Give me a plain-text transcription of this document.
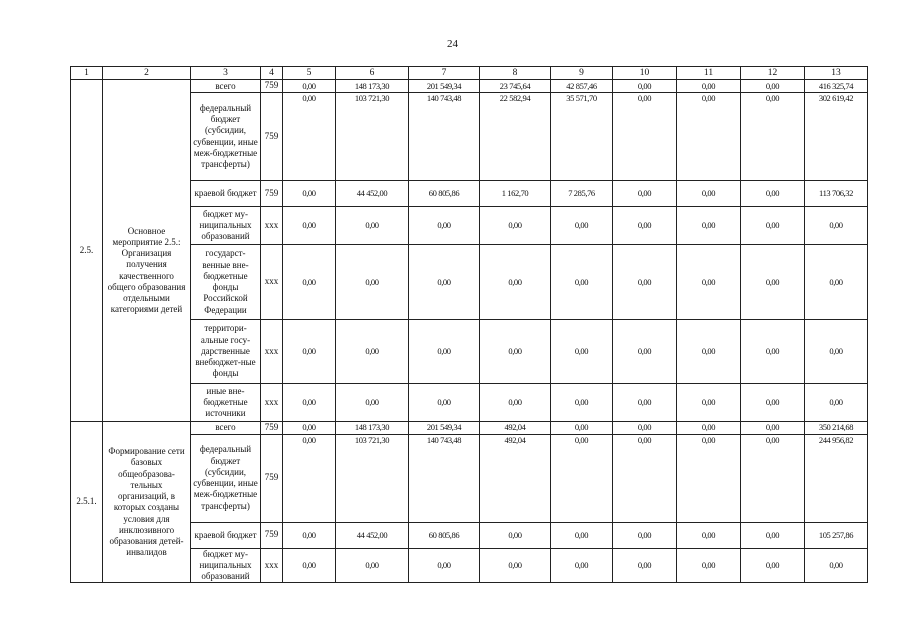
24
1	2	3	4	5	6	7	8	9	10	11	12	13
2.5.	Основное мероприятие 2.5.: Организация получения качественного общего образования отдельными категориями детей	всего	759	0,00	148 173,30	201 549,34	23 745,64	42 857,46	0,00	0,00	0,00	416 325,74
		федеральный бюджет (субсидии, субвенции, иные меж-бюджетные трансферты)	759	0,00	103 721,30	140 743,48	22 582,94	35 571,70	0,00	0,00	0,00	302 619,42
		краевой бюджет	759	0,00	44 452,00	60 805,86	1 162,70	7 285,76	0,00	0,00	0,00	113 706,32
		бюджет му-ниципальных образований	ххх	0,00	0,00	0,00	0,00	0,00	0,00	0,00	0,00	0,00
		государст-венные вне-бюджетные фонды Российской Федерации	ххх	0,00	0,00	0,00	0,00	0,00	0,00	0,00	0,00	0,00
		территори-альные госу-дарственные внебюджет-ные фонды	ххх	0,00	0,00	0,00	0,00	0,00	0,00	0,00	0,00	0,00
		иные вне-бюджетные источники	ххх	0,00	0,00	0,00	0,00	0,00	0,00	0,00	0,00	0,00
2.5.1.	Формирование сети базовых общеобразова-тельных организаций, в которых созданы условия для инклюзивного образования детей-инвалидов	всего	759	0,00	148 173,30	201 549,34	492,04	0,00	0,00	0,00	0,00	350 214,68
		федеральный бюджет (субсидии, субвенции, иные меж-бюджетные трансферты)	759	0,00	103 721,30	140 743,48	492,04	0,00	0,00	0,00	0,00	244 956,82
		краевой бюджет	759	0,00	44 452,00	60 805,86	0,00	0,00	0,00	0,00	0,00	105 257,86
		бюджет му-ниципальных образований	ххх	0,00	0,00	0,00	0,00	0,00	0,00	0,00	0,00	0,00
